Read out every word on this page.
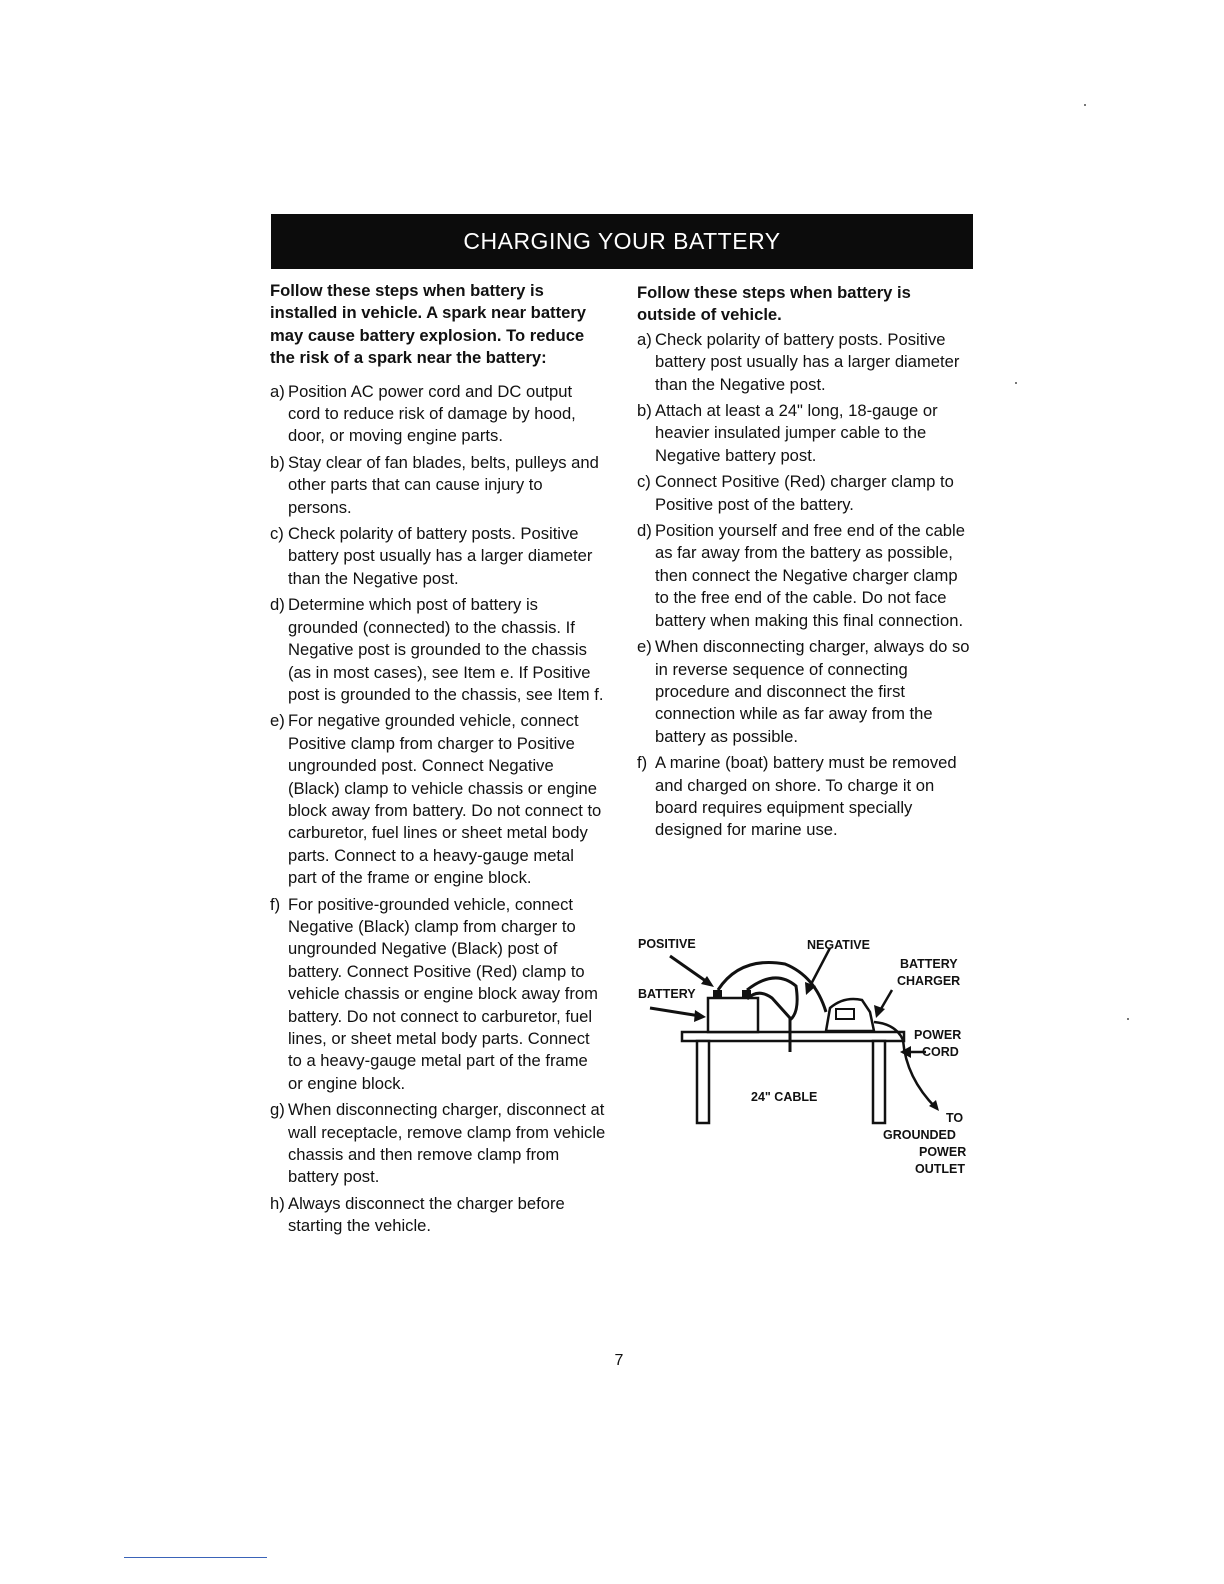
CHARGING YOUR BATTERY

Follow these steps when battery is installed in vehicle. A spark near battery may cause battery explosion. To reduce the risk of a spark near the battery:

a) Position AC power cord and DC output cord to reduce risk of damage by hood, door, or moving engine parts.
b) Stay clear of fan blades, belts, pulleys and other parts that can cause injury to persons.
c) Check polarity of battery posts. Positive battery post usually has a larger diameter than the Negative post.
d) Determine which post of battery is grounded (connected) to the chassis. If Negative post is grounded to the chassis (as in most cases), see Item e. If Positive post is grounded to the chassis, see Item f.
e) For negative grounded vehicle, connect Positive clamp from charger to Positive ungrounded post. Connect Negative (Black) clamp to vehicle chassis or engine block away from battery. Do not connect to carburetor, fuel lines or sheet metal body parts. Connect to a heavy-gauge metal part of the frame or engine block.
f) For positive-grounded vehicle, connect Negative (Black) clamp from charger to ungrounded Negative (Black) post of battery. Connect Positive (Red) clamp to vehicle chassis or engine block away from battery. Do not connect to carburetor, fuel lines, or sheet metal body parts. Connect to a heavy-gauge metal part of the frame or engine block.
g) When disconnecting charger, disconnect at wall receptacle, remove clamp from vehicle chassis and then remove clamp from battery post.
h) Always disconnect the charger before starting the vehicle.

Follow these steps when battery is outside of vehicle.

a) Check polarity of battery posts. Positive battery post usually has a larger diameter than the Negative post.
b) Attach at least a 24" long, 18-gauge or heavier insulated jumper cable to the Negative battery post.
c) Connect Positive (Red) charger clamp to Positive post of the battery.
d) Position yourself and free end of the cable as far away from the battery as possible, then connect the Negative charger clamp to the free end of the cable. Do not face battery when making this final connection.
e) When disconnecting charger, always do so in reverse sequence of connecting procedure and disconnect the first connection while as far away from the battery as possible.
f) A marine (boat) battery must be removed and charged on shore. To charge it on board requires equipment specially designed for marine use.
POSITIVE	NEGATIVE
BATTERY
BATTERY
CHARGER
POWER
CORD
24" CABLE
TO
GROUNDED
POWER
OUTLET
7
